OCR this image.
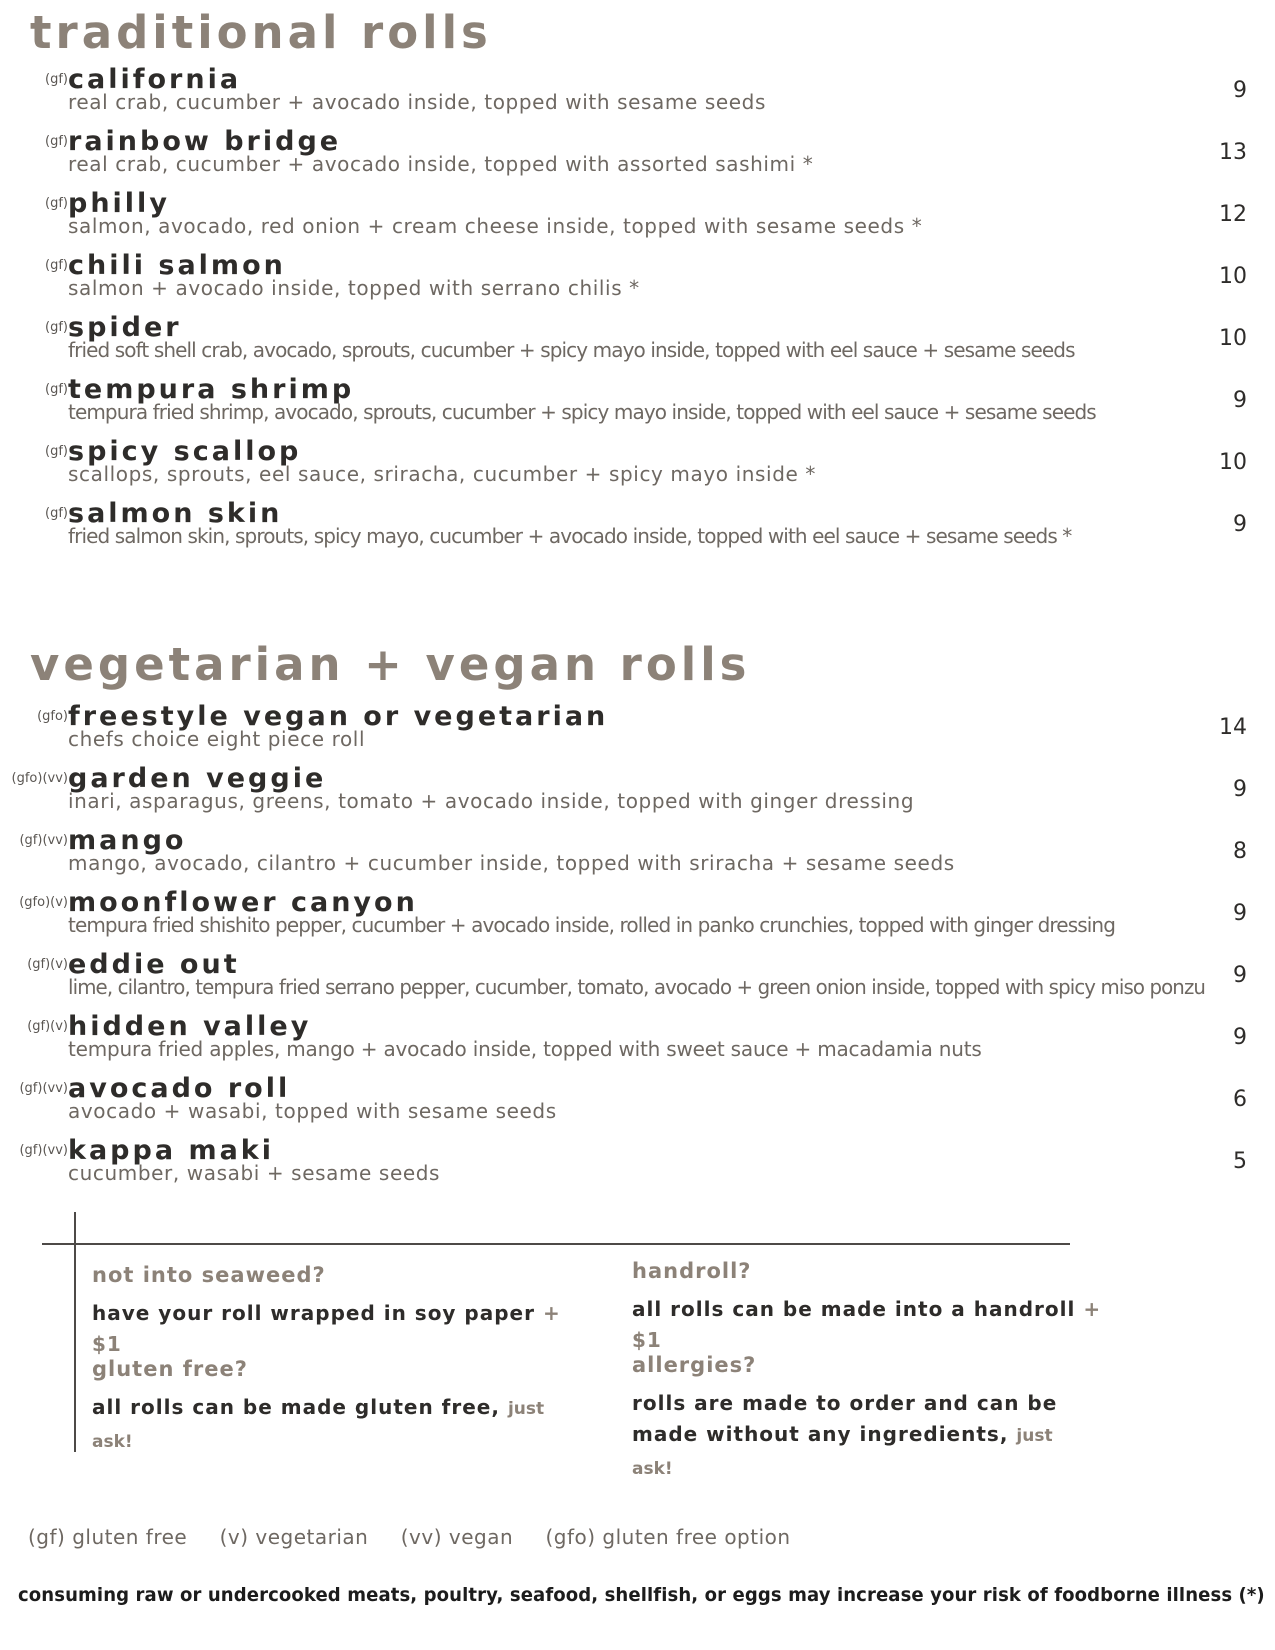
traditional rolls
(gf) california
real crab, cucumber + avocado inside, topped with sesame seeds	9
(gf) rainbow bridge
real crab, cucumber + avocado inside, topped with assorted sashimi *	13
(gf) philly
salmon, avocado, red onion + cream cheese inside, topped with sesame seeds *	12
(gf) chili salmon
salmon + avocado inside, topped with serrano chilis *	10
(gf) spider
fried soft shell crab, avocado, sprouts, cucumber + spicy mayo inside, topped with eel sauce + sesame seeds	10
(gf) tempura shrimp
tempura fried shrimp, avocado, sprouts, cucumber + spicy mayo inside, topped with eel sauce + sesame seeds	9
(gf) spicy scallop
scallops, sprouts, eel sauce, sriracha, cucumber + spicy mayo inside *	10
(gf) salmon skin
fried salmon skin, sprouts, spicy mayo, cucumber + avocado inside, topped with eel sauce + sesame seeds *	9
vegetarian + vegan rolls
(gfo) freestyle vegan or vegetarian
chefs choice eight piece roll	14
(gfo)(vv) garden veggie
inari, asparagus, greens, tomato + avocado inside, topped with ginger dressing	9
(gf)(vv) mango
mango, avocado, cilantro + cucumber inside, topped with sriracha + sesame seeds	8
(gfo)(v) moonflower canyon
tempura fried shishito pepper, cucumber + avocado inside, rolled in panko crunchies, topped with ginger dressing	9
(gf)(v) eddie out
lime, cilantro, tempura fried serrano pepper, cucumber, tomato, avocado + green onion inside, topped with spicy miso ponzu 9
(gf)(v) hidden valley
tempura fried apples, mango + avocado inside, topped with sweet sauce + macadamia nuts	9
(gf)(vv) avocado roll
avocado + wasabi, topped with sesame seeds	6
(gf)(vv) kappa maki
cucumber, wasabi + sesame seeds	5
not into seaweed?
have your roll wrapped in soy paper + $1
handroll?
all rolls can be made into a handroll + $1
gluten free?
all rolls can be made gluten free, just ask!
allergies?
rolls are made to order and can be made without any ingredients, just ask!
(gf) gluten free (v) vegetarian (vv) vegan (gfo) gluten free option
consuming raw or undercooked meats, poultry, seafood, shellfish, or eggs may increase your risk of foodborne illness (*)
